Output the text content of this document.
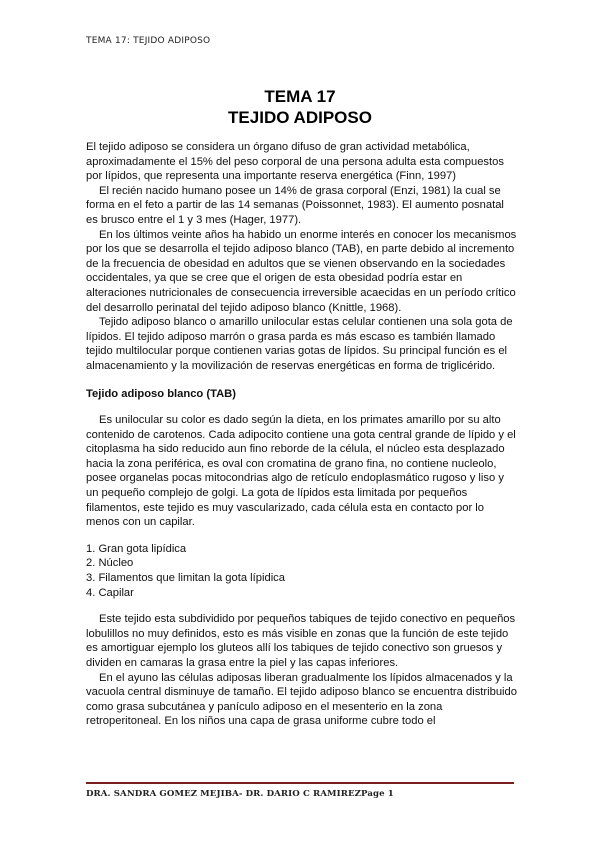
TEMA 17: TEJIDO ADIPOSO
TEMA 17
TEJIDO ADIPOSO

El tejido adiposo se considera un órgano difuso de gran actividad metabólica, aproximadamente el 15% del peso corporal de una persona adulta esta compuestos por lípidos, que representa una importante reserva energética (Finn, 1997)

El recién nacido humano posee un 14% de grasa corporal (Enzi, 1981) la cual se forma en el feto a partir de las 14 semanas (Poissonnet, 1983). El aumento posnatal es brusco entre el 1 y 3 mes (Hager, 1977).

En los últimos veinte años ha habido un enorme interés en conocer los mecanismos por los que se desarrolla el tejido adiposo blanco (TAB), en parte debido al incremento de la frecuencia de obesidad en adultos que se vienen observando en la sociedades occidentales, ya que se cree que el origen de esta obesidad podría estar en alteraciones nutricionales de consecuencia irreversible acaecidas en un período crítico del desarrollo perinatal del tejido adiposo blanco (Knittle, 1968).

Tejido adiposo blanco o amarillo unilocular estas celular contienen una sola gota de lípidos. El tejido adiposo marrón o grasa parda es más escaso es también llamado tejido multilocular porque contienen varias gotas de lípidos. Su principal función es el almacenamiento y la movilización de reservas energéticas en forma de triglicérido.

Tejido adiposo blanco (TAB)

Es unilocular su color es dado según la dieta, en los primates amarillo por su alto contenido de carotenos. Cada adipocito contiene una gota central grande de lípido y el citoplasma ha sido reducido aun fino reborde de la célula, el núcleo esta desplazado hacia la zona periférica, es oval con cromatina de grano fina, no contiene nucleolo, posee organelas pocas mitocondrias algo de retículo endoplasmático rugoso y liso y un pequeño complejo de golgi. La gota de lípidos esta limitada por pequeños filamentos, este tejido es muy vascularizado, cada célula esta en contacto por lo menos con un capilar.

1. Gran gota lipídica
2. Núcleo
3. Filamentos que limitan la gota lípidica
4. Capilar

Este tejido esta subdividido por pequeños tabiques de tejido conectivo en pequeños lobulillos no muy definidos, esto es más visible en zonas que la función de este tejido es amortiguar ejemplo los gluteos allí los tabiques de tejido conectivo son gruesos y dividen en camaras la grasa entre la piel y las capas inferiores.

En el ayuno las células adiposas liberan gradualmente los lípidos almacenados y la vacuola central disminuye de tamaño. El tejido adiposo blanco se encuentra distribuido como grasa subcutánea y panículo adiposo en el mesenterio en la zona retroperitoneal. En los niños una capa de grasa uniforme cubre todo el

DRA. SANDRA GOMEZ MEJIBA- DR. DARIO C RAMIREZPage 1
